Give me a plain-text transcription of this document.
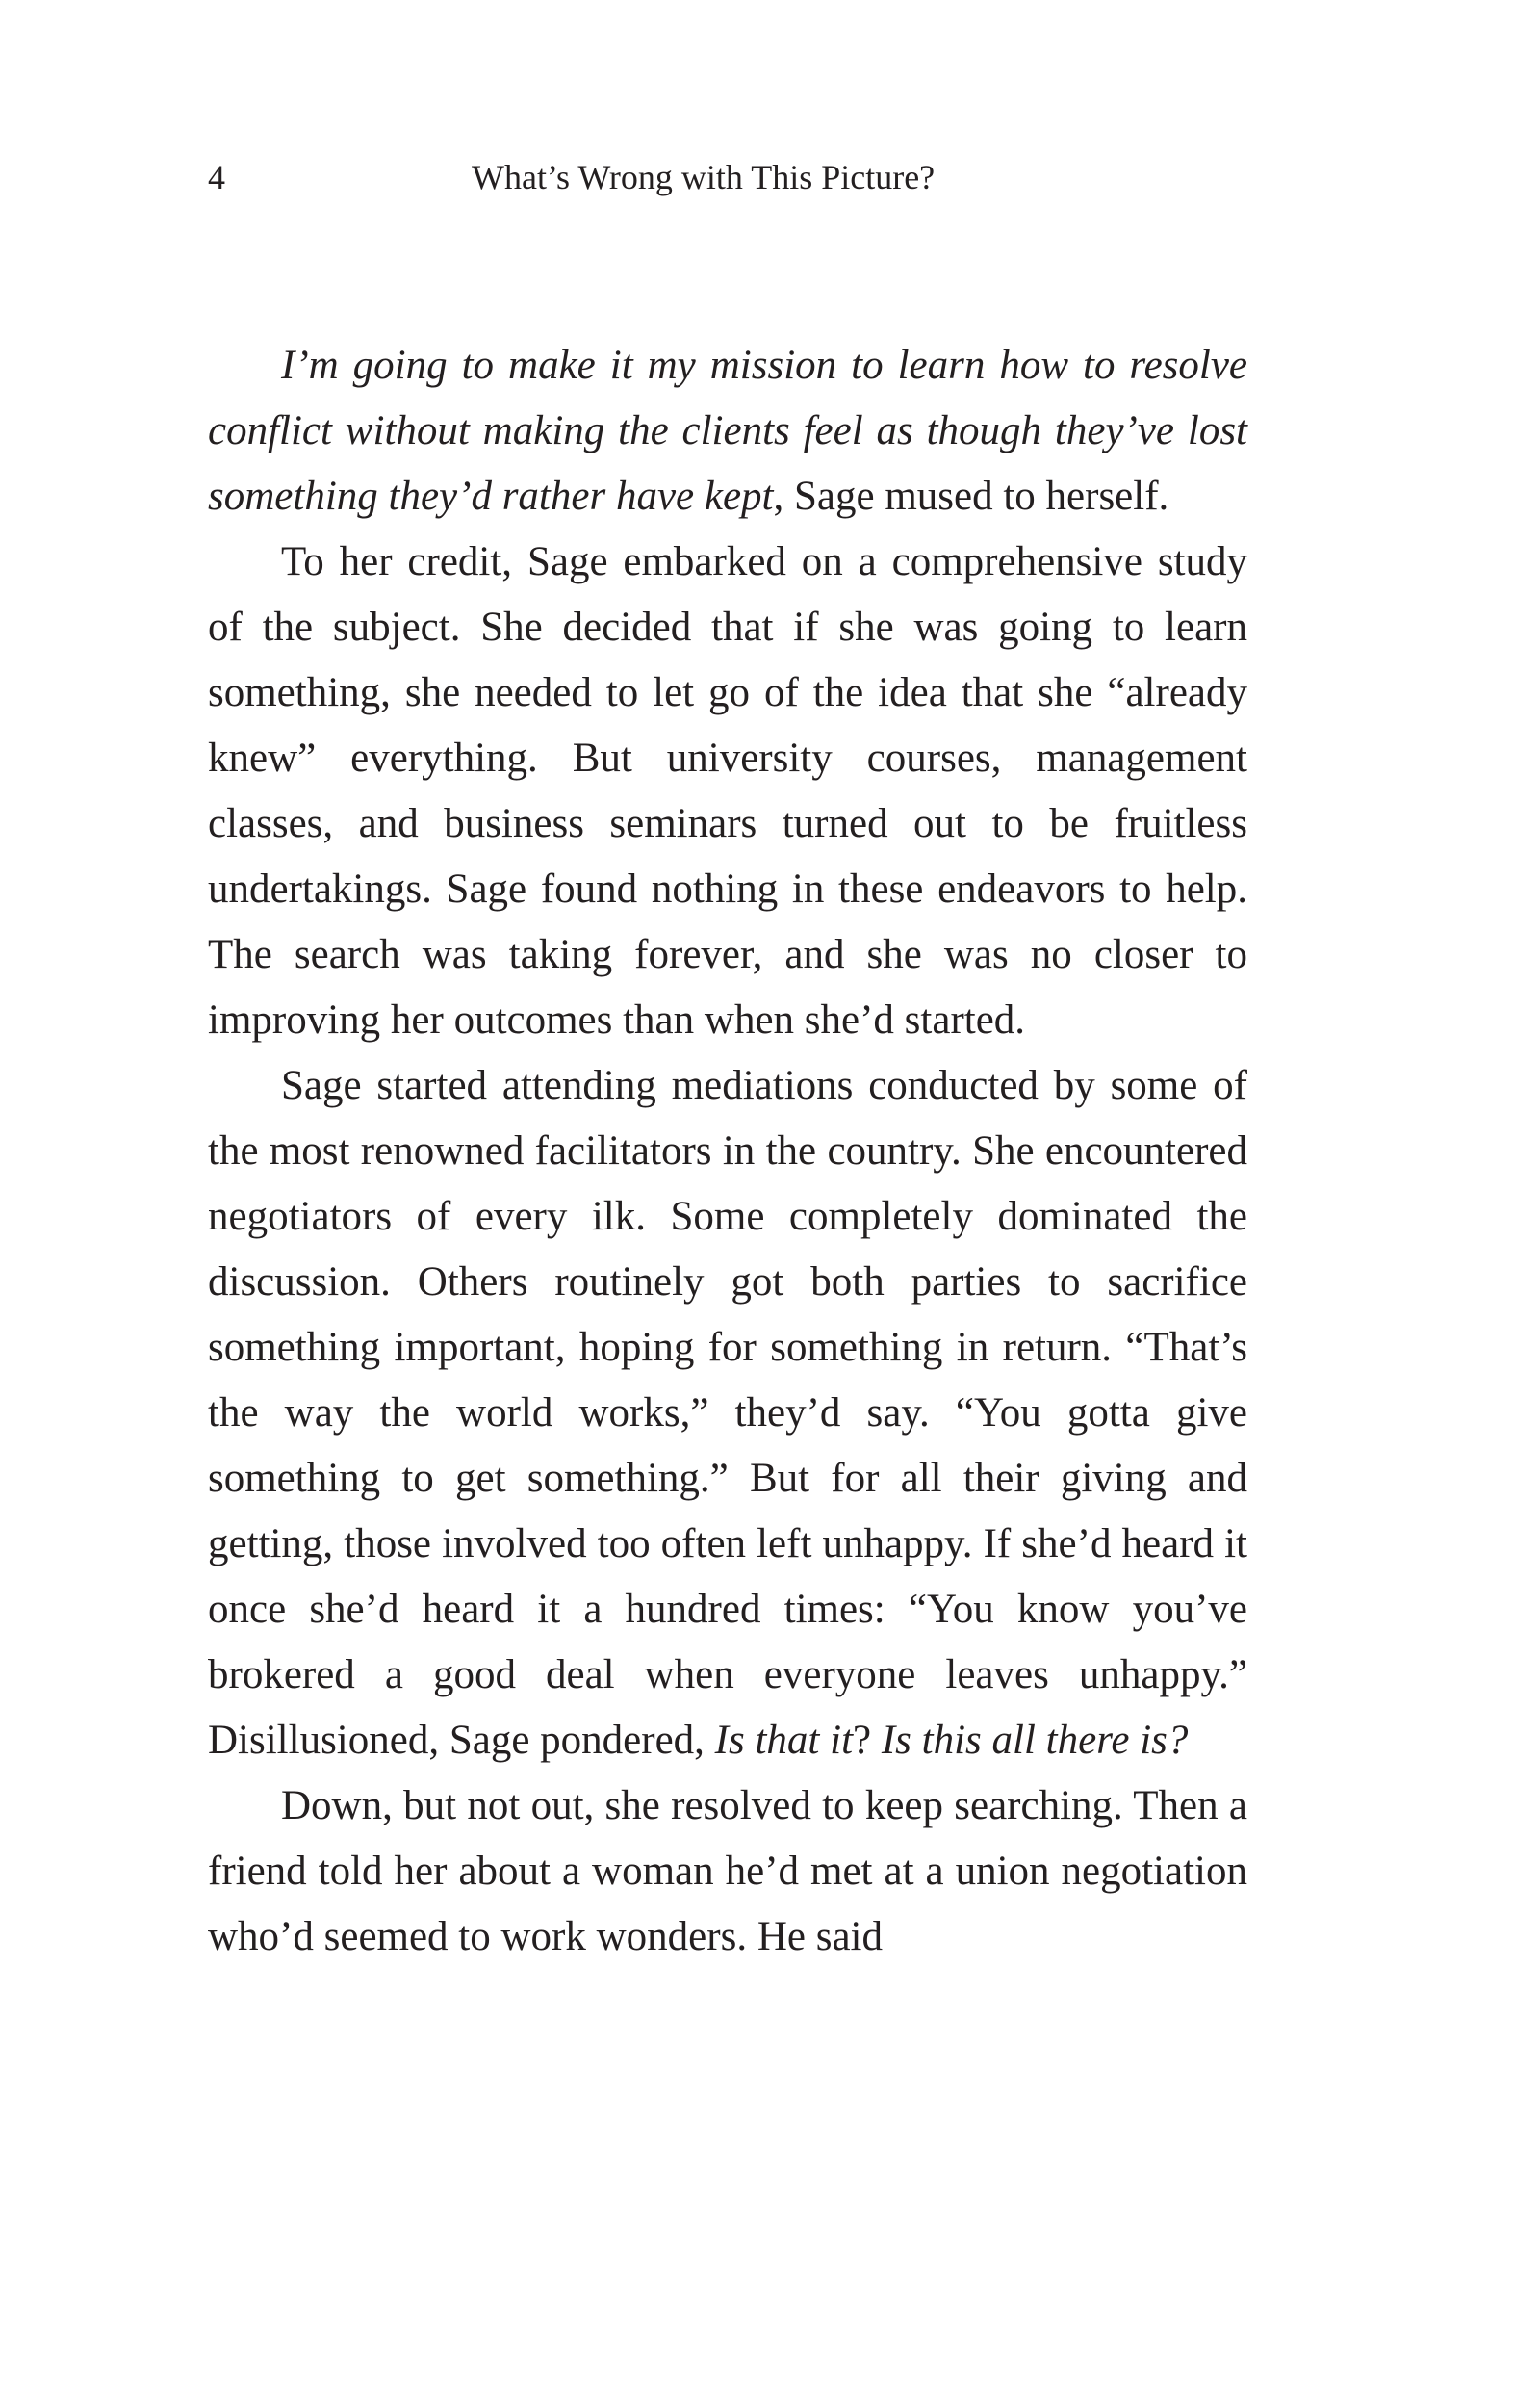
4	What’s Wrong with This Picture?

I’m going to make it my mission to learn how to resolve conflict without making the clients feel as though they’ve lost something they’d rather have kept, Sage mused to herself.

To her credit, Sage embarked on a comprehensive study of the subject. She decided that if she was going to learn something, she needed to let go of the idea that she “already knew” everything. But university courses, management classes, and business seminars turned out to be fruitless undertakings. Sage found nothing in these endeavors to help. The search was taking forever, and she was no closer to improving her outcomes than when she’d started.

Sage started attending mediations conducted by some of the most renowned facilitators in the country. She encountered negotiators of every ilk. Some completely dominated the discussion. Others routinely got both parties to sacrifice something important, hoping for something in return. “That’s the way the world works,” they’d say. “You gotta give something to get something.” But for all their giving and getting, those involved too often left unhappy. If she’d heard it once she’d heard it a hundred times: “You know you’ve brokered a good deal when everyone leaves unhappy.” Disillusioned, Sage pondered, Is that it? Is this all there is?

Down, but not out, she resolved to keep searching. Then a friend told her about a woman he’d met at a union negotiation who’d seemed to work wonders. He said
